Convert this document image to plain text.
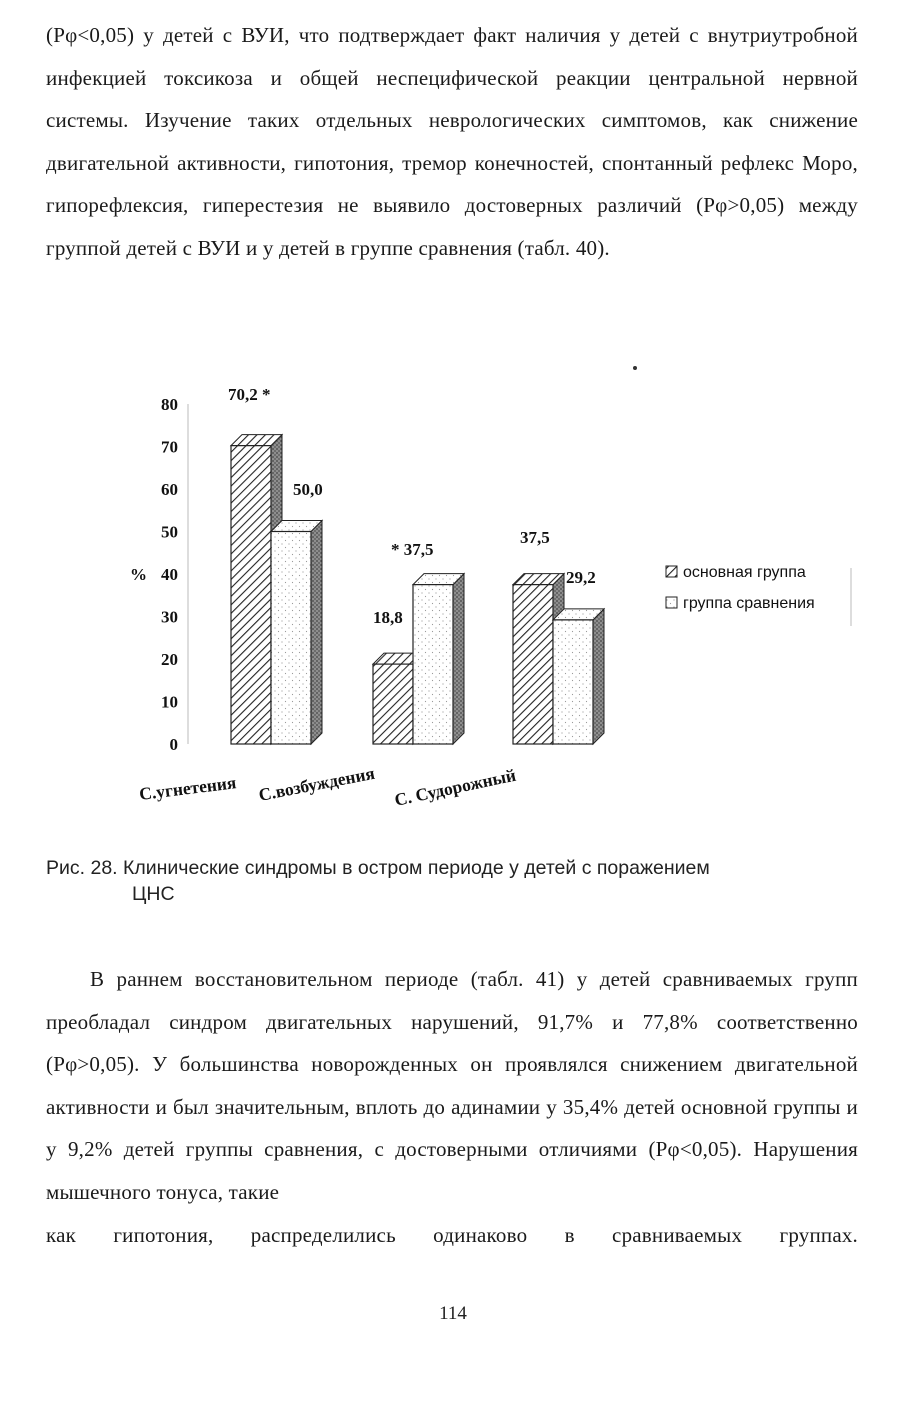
(Pφ<0,05) у детей с ВУИ, что подтверждает факт наличия у детей с внутриутробной инфекцией токсикоза и общей неспецифической реакции центральной нервной системы. Изучение таких отдельных неврологических симптомов, как снижение двигательной активности, гипотония, тремор конечностей, спонтанный рефлекс Моро, гипорефлексия, гиперестезия не выявило достоверных различий (Pφ>0,05) между группой детей с ВУИ и у детей в группе сравнения (табл. 40).

0
10
20
30
40
50
60
70
80
%
70,2 *
18,8
37,5
50,0
* 37,5
29,2
С.угнетения С.возбуждения С. Судорожный
основная группа
группа сравнения
Рис. 28. Клинические синдромы в остром периоде у детей с поражением
ЦНС

В раннем восстановительном периоде (табл. 41) у детей сравниваемых групп преобладал синдром двигательных нарушений, 91,7% и 77,8% соответственно (Pφ>0,05). У большинства новорожденных он проявлялся снижением двигательной активности и был значительным, вплоть до адинамии у 35,4% детей основной группы и у 9,2% детей группы сравнения, с достоверными отличиями (Pφ<0,05). Нарушения мышечного тонуса, такие
как гипотония, распределились одинаково в сравниваемых группах.

114
